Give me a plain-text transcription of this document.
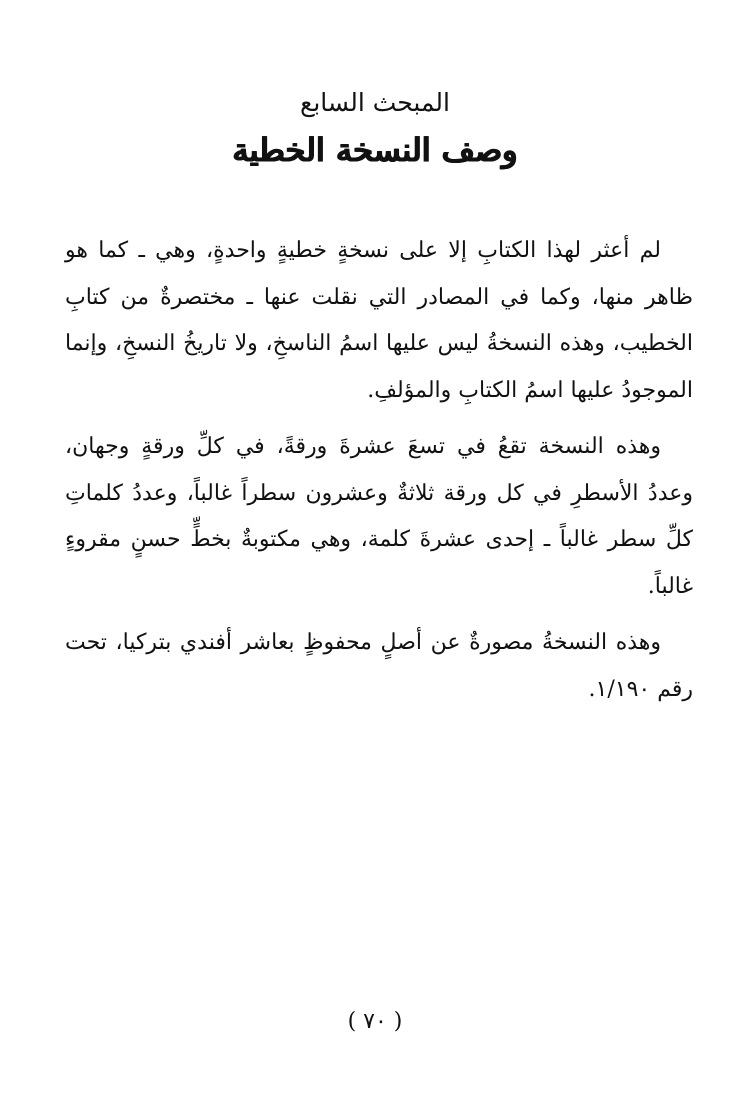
المبحث السابع
وصف النسخة الخطية

لم أعثر لهذا الكتابِ إلا على نسخةٍ خطيةٍ واحدةٍ، وهي ـ كما هو ظاهر منها، وكما في المصادر التي نقلت عنها ـ مختصرةٌ من كتابِ الخطيب، وهذه النسخةُ ليس عليها اسمُ الناسخِ، ولا تاريخُ النسخِ، وإنما الموجودُ عليها اسمُ الكتابِ والمؤلفِ.

وهذه النسخة تقعُ في تسعَ عشرةَ ورقةً، في كلِّ ورقةٍ وجهان، وعددُ الأسطرِ في كل ورقة ثلاثةٌ وعشرون سطراً غالباً، وعددُ كلماتِ كلِّ سطر غالباً ـ إحدى عشرةَ كلمة، وهي مكتوبةٌ بخطٍّ حسنٍ مقروءٍ غالباً.

وهذه النسخةُ مصورةٌ عن أصلٍ محفوظٍ بعاشر أفندي بتركيا، تحت رقم ١/١٩٠.

( ٧٠ )
